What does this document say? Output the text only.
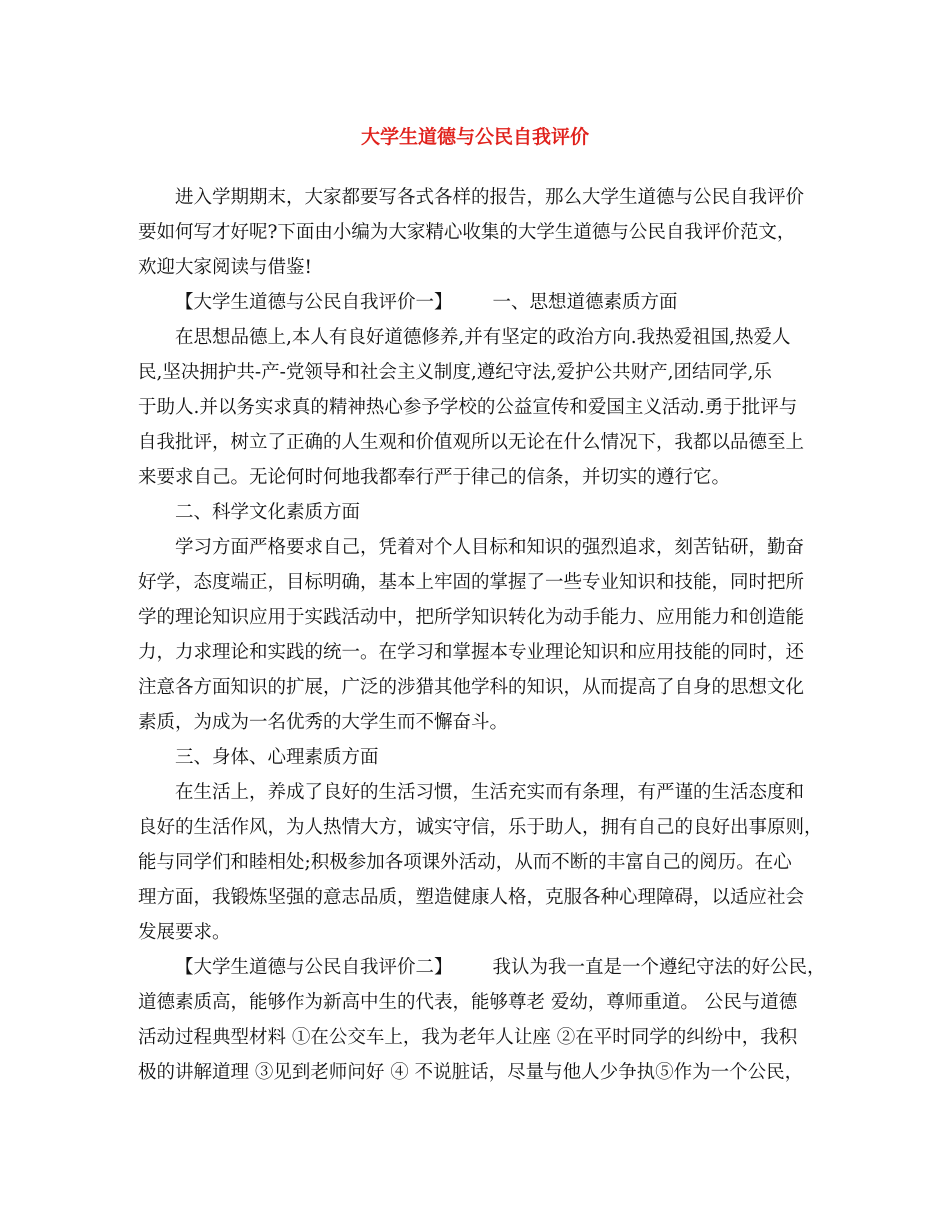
大学生道德与公民自我评价
进入学期期末，大家都要写各式各样的报告，那么大学生道德与公民自我评价
要如何写才好呢?下面由小编为大家精心收集的大学生道德与公民自我评价范文，
欢迎大家阅读与借鉴!
【大学生道德与公民自我评价一】 一、思想道德素质方面
在思想品德上,本人有良好道德修养,并有坚定的政治方向.我热爱祖国,热爱人
民,坚决拥护共-产-党领导和社会主义制度,遵纪守法,爱护公共财产,团结同学,乐
于助人.并以务实求真的精神热心参予学校的公益宣传和爱国主义活动.勇于批评与
自我批评，树立了正确的人生观和价值观所以无论在什么情况下，我都以品德至上
来要求自己。无论何时何地我都奉行严于律己的信条，并切实的遵行它。
二、科学文化素质方面
学习方面严格要求自己，凭着对个人目标和知识的强烈追求，刻苦钻研，勤奋
好学，态度端正，目标明确，基本上牢固的掌握了一些专业知识和技能，同时把所
学的理论知识应用于实践活动中，把所学知识转化为动手能力、应用能力和创造能
力，力求理论和实践的统一。在学习和掌握本专业理论知识和应用技能的同时，还
注意各方面知识的扩展，广泛的涉猎其他学科的知识，从而提高了自身的思想文化
素质，为成为一名优秀的大学生而不懈奋斗。
三、身体、心理素质方面
在生活上，养成了良好的生活习惯，生活充实而有条理，有严谨的生活态度和
良好的生活作风，为人热情大方，诚实守信，乐于助人，拥有自己的良好出事原则，
能与同学们和睦相处;积极参加各项课外活动，从而不断的丰富自己的阅历。在心
理方面，我锻炼坚强的意志品质，塑造健康人格，克服各种心理障碍，以适应社会
发展要求。
【大学生道德与公民自我评价二】 我认为我一直是一个遵纪守法的好公民，
道德素质高，能够作为新高中生的代表，能够尊老 爱幼，尊师重道。 公民与道德
活动过程典型材料 ①在公交车上，我为老年人让座 ②在平时同学的纠纷中，我积
极的讲解道理 ③见到老师问好 ④ 不说脏话，尽量与他人少争执⑤作为一个公民，
